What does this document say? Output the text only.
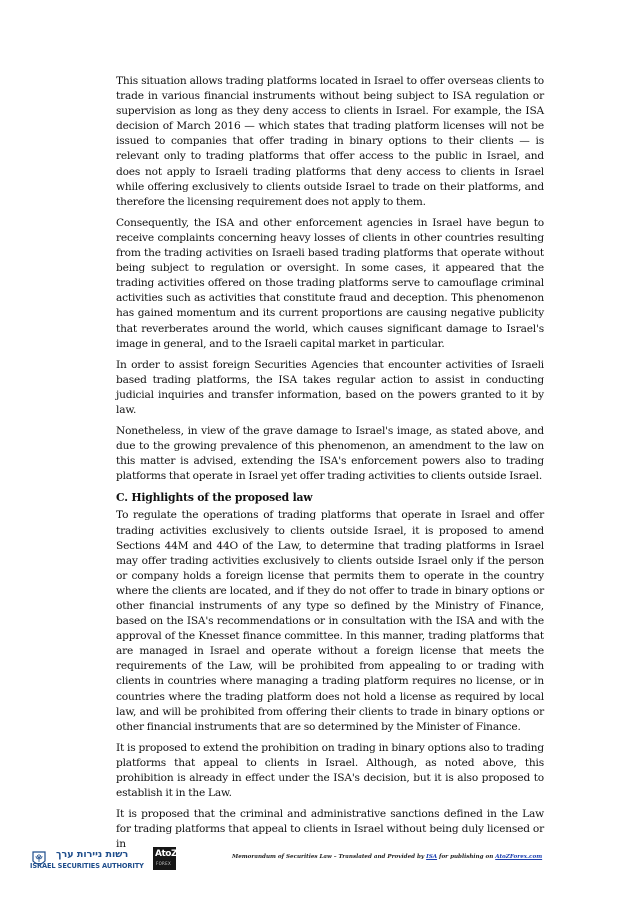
This situation allows trading platforms located in Israel to offer overseas clients to trade in various financial instruments without being subject to ISA regulation or supervision as long as they deny access to clients in Israel. For example, the ISA decision of March 2016 — which states that trading platform licenses will not be issued to companies that offer trading in binary options to their clients — is relevant only to trading platforms that offer access to the public in Israel, and does not apply to Israeli trading platforms that deny access to clients in Israel while offering exclusively to clients outside Israel to trade on their platforms, and therefore the licensing requirement does not apply to them.

Consequently, the ISA and other enforcement agencies in Israel have begun to receive complaints concerning heavy losses of clients in other countries resulting from the trading activities on Israeli based trading platforms that operate without being subject to regulation or oversight. In some cases, it appeared that the trading activities offered on those trading platforms serve to camouflage criminal activities such as activities that constitute fraud and deception. This phenomenon has gained momentum and its current proportions are causing negative publicity that reverberates around the world, which causes significant damage to Israel's image in general, and to the Israeli capital market in particular.

In order to assist foreign Securities Agencies that encounter activities of Israeli based trading platforms, the ISA takes regular action to assist in conducting judicial inquiries and transfer information, based on the powers granted to it by law.

Nonetheless, in view of the grave damage to Israel's image, as stated above, and due to the growing prevalence of this phenomenon, an amendment to the law on this matter is advised, extending the ISA's enforcement powers also to trading platforms that operate in Israel yet offer trading activities to clients outside Israel.

C. Highlights of the proposed law

To regulate the operations of trading platforms that operate in Israel and offer trading activities exclusively to clients outside Israel, it is proposed to amend Sections 44M and 44O of the Law, to determine that trading platforms in Israel may offer trading activities exclusively to clients outside Israel only if the person or company holds a foreign license that permits them to operate in the country where the clients are located, and if they do not offer to trade in binary options or other financial instruments of any type so defined by the Ministry of Finance, based on the ISA's recommendations or in consultation with the ISA and with the approval of the Knesset finance committee. In this manner, trading platforms that are managed in Israel and operate without a foreign license that meets the requirements of the Law, will be prohibited from appealing to or trading with clients in countries where managing a trading platform requires no license, or in countries where the trading platform does not hold a license as required by local law, and will be prohibited from offering their clients to trade in binary options or other financial instruments that are so determined by the Minister of Finance.

It is proposed to extend the prohibition on trading in binary options also to trading platforms that appeal to clients in Israel. Although, as noted above, this prohibition is already in effect under the ISA's decision, but it is also proposed to establish it in the Law.

It is proposed that the criminal and administrative sanctions defined in the Law for trading platforms that appeal to clients in Israel without being duly licensed or in

רשות ניירות ערך
ISRAEL SECURITIES AUTHORITY
AtoZ
FOREX
Memorandum of Securities Law – Translated and Provided by ISA for publishing on AtoZForex.com
